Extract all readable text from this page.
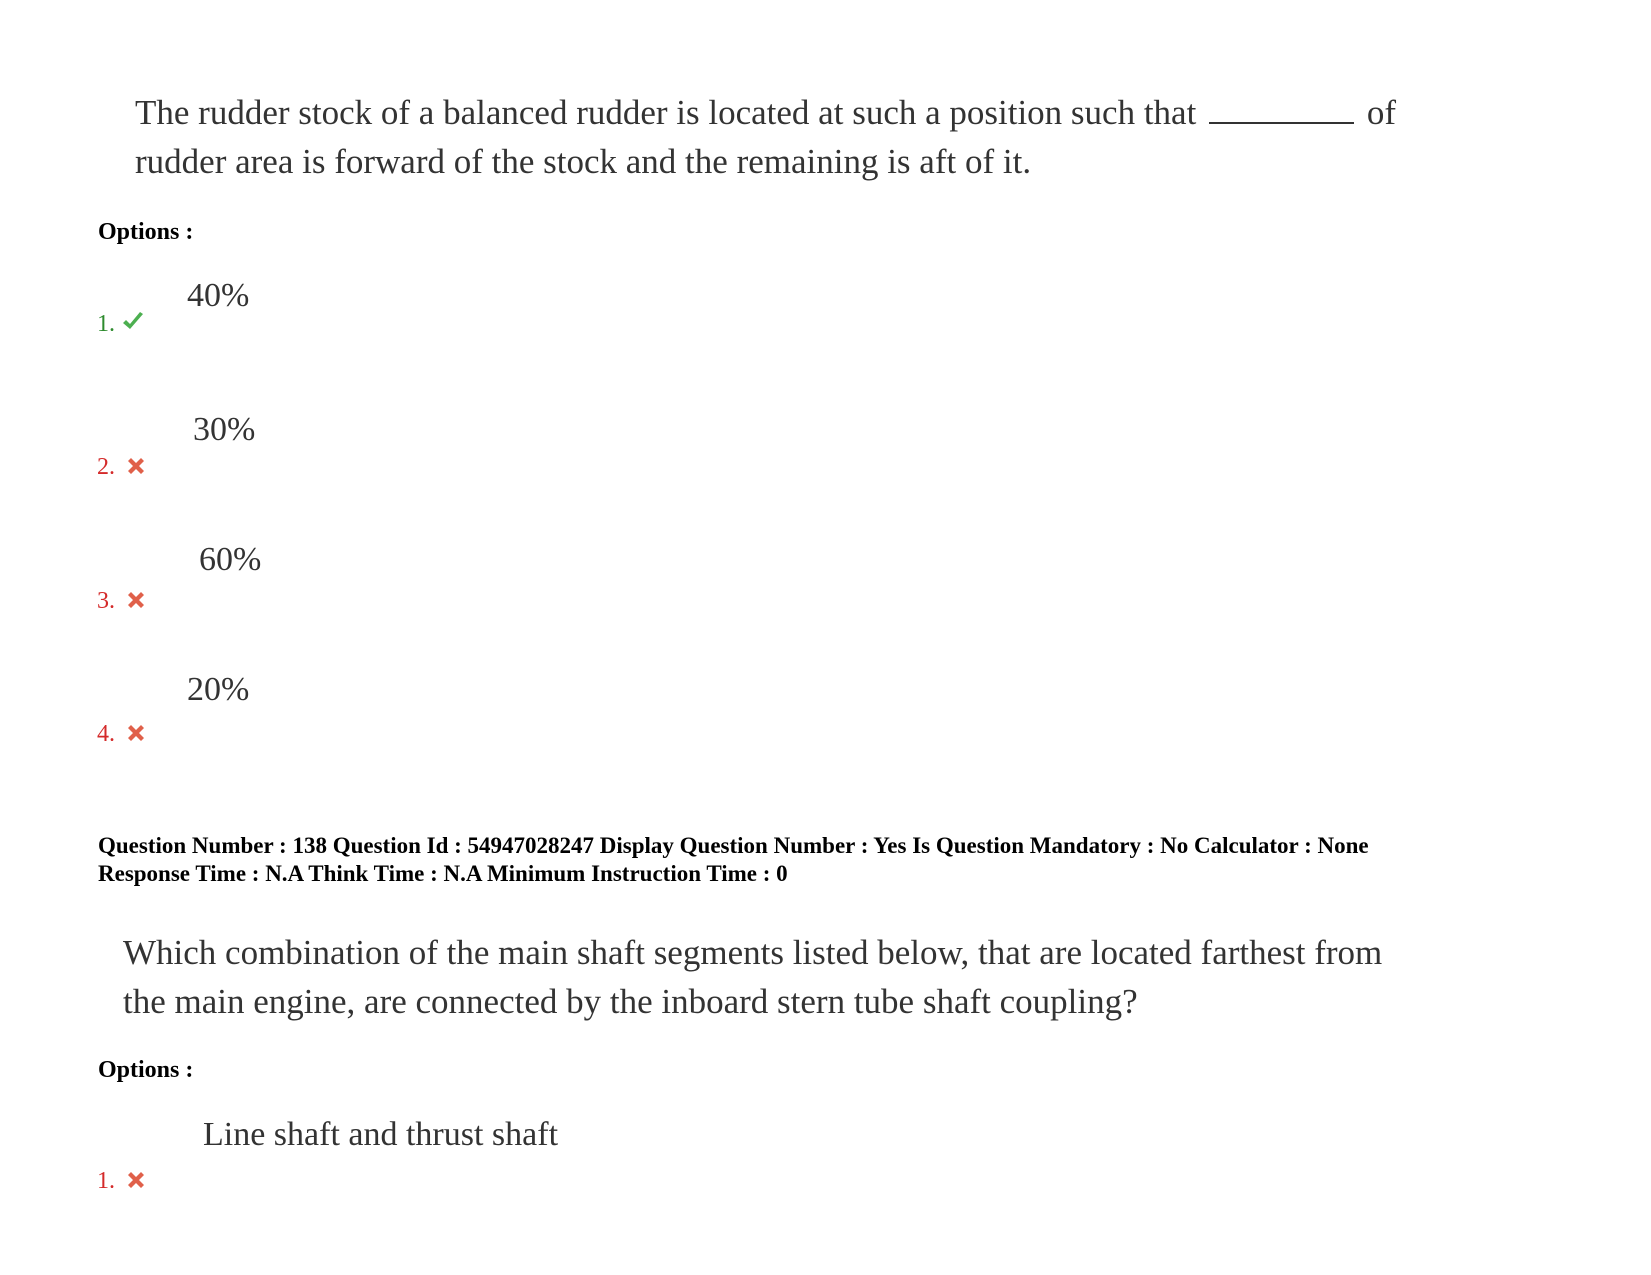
The rudder stock of a balanced rudder is located at such a position such that	of
rudder area is forward of the stock and the remaining is aft of it.
Options :
40%
1.
30%
2.
60%
3.
20%
4.
Question Number : 138 Question Id : 54947028247 Display Question Number : Yes Is Question Mandatory : No Calculator : None
Response Time : N.A Think Time : N.A Minimum Instruction Time : 0
Which combination of the main shaft segments listed below, that are located farthest from
the main engine, are connected by the inboard stern tube shaft coupling?
Options :
Line shaft and thrust shaft
1.
